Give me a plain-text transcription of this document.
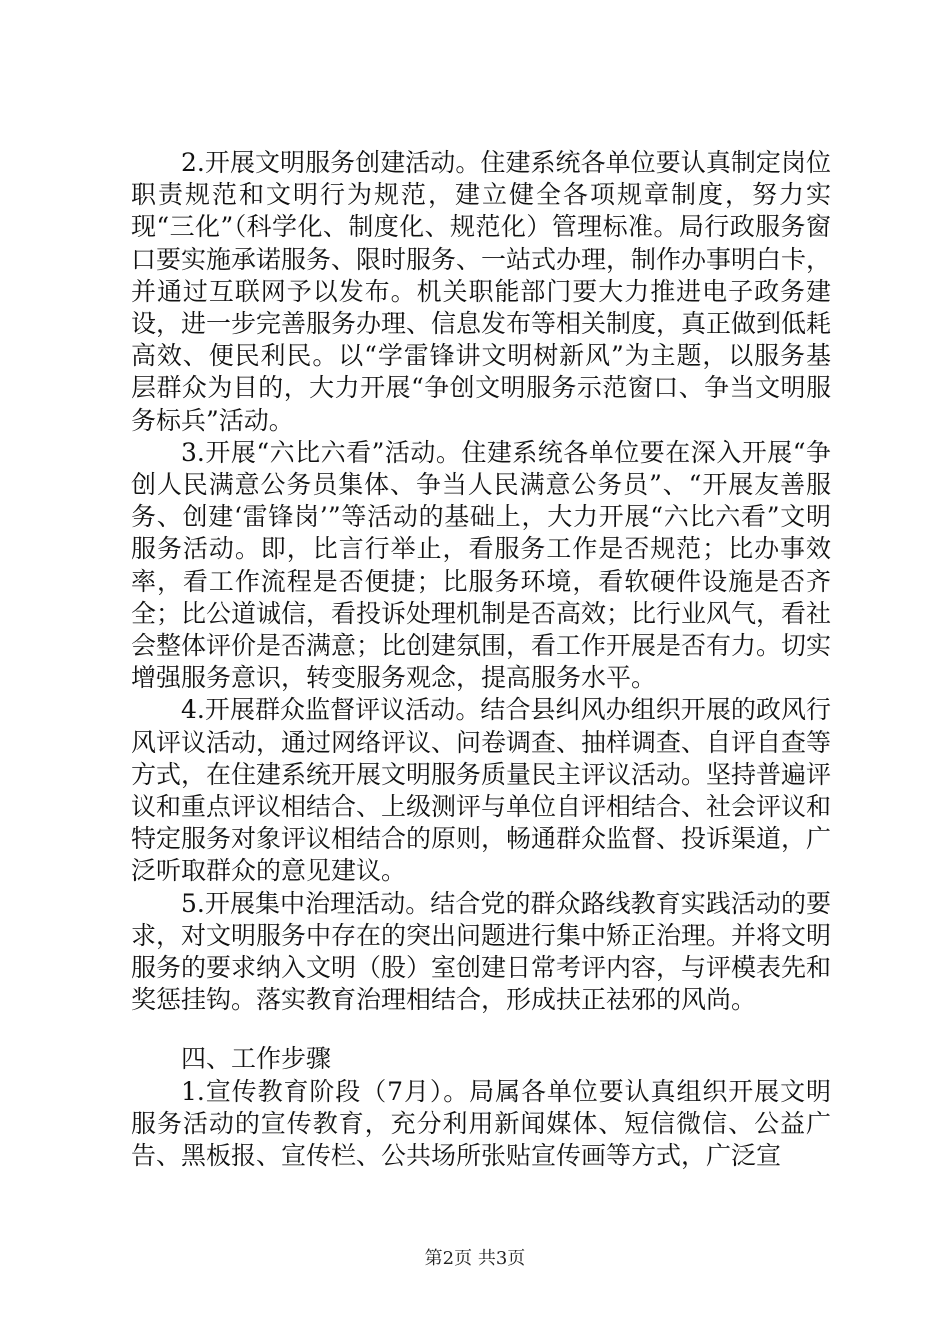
2.开展文明服务创建活动。住建系统各单位要认真制定岗位职责规范和文明行为规范，建立健全各项规章制度，努力实现“三化”（科学化、制度化、规范化）管理标准。局行政服务窗口要实施承诺服务、限时服务、一站式办理，制作办事明白卡，并通过互联网予以发布。机关职能部门要大力推进电子政务建设，进一步完善服务办理、信息发布等相关制度，真正做到低耗高效、便民利民。以“学雷锋讲文明树新风”为主题，以服务基层群众为目的，大力开展“争创文明服务示范窗口、争当文明服务标兵”活动。

3.开展“六比六看”活动。住建系统各单位要在深入开展“争创人民满意公务员集体、争当人民满意公务员”、“开展友善服务、创建‘雷锋岗’”等活动的基础上，大力开展“六比六看”文明服务活动。即，比言行举止，看服务工作是否规范；比办事效率，看工作流程是否便捷；比服务环境，看软硬件设施是否齐全；比公道诚信，看投诉处理机制是否高效；比行业风气，看社会整体评价是否满意；比创建氛围，看工作开展是否有力。切实增强服务意识，转变服务观念，提高服务水平。

4.开展群众监督评议活动。结合县纠风办组织开展的政风行风评议活动，通过网络评议、问卷调查、抽样调查、自评自查等方式，在住建系统开展文明服务质量民主评议活动。坚持普遍评议和重点评议相结合、上级测评与单位自评相结合、社会评议和特定服务对象评议相结合的原则，畅通群众监督、投诉渠道，广泛听取群众的意见建议。

5.开展集中治理活动。结合党的群众路线教育实践活动的要求，对文明服务中存在的突出问题进行集中矫正治理。并将文明服务的要求纳入文明（股）室创建日常考评内容，与评模表先和奖惩挂钩。落实教育治理相结合，形成扶正祛邪的风尚。

四、工作步骤

1.宣传教育阶段（7月）。局属各单位要认真组织开展文明服务活动的宣传教育，充分利用新闻媒体、短信微信、公益广告、黑板报、宣传栏、公共场所张贴宣传画等方式，广泛宣

第2页 共3页
